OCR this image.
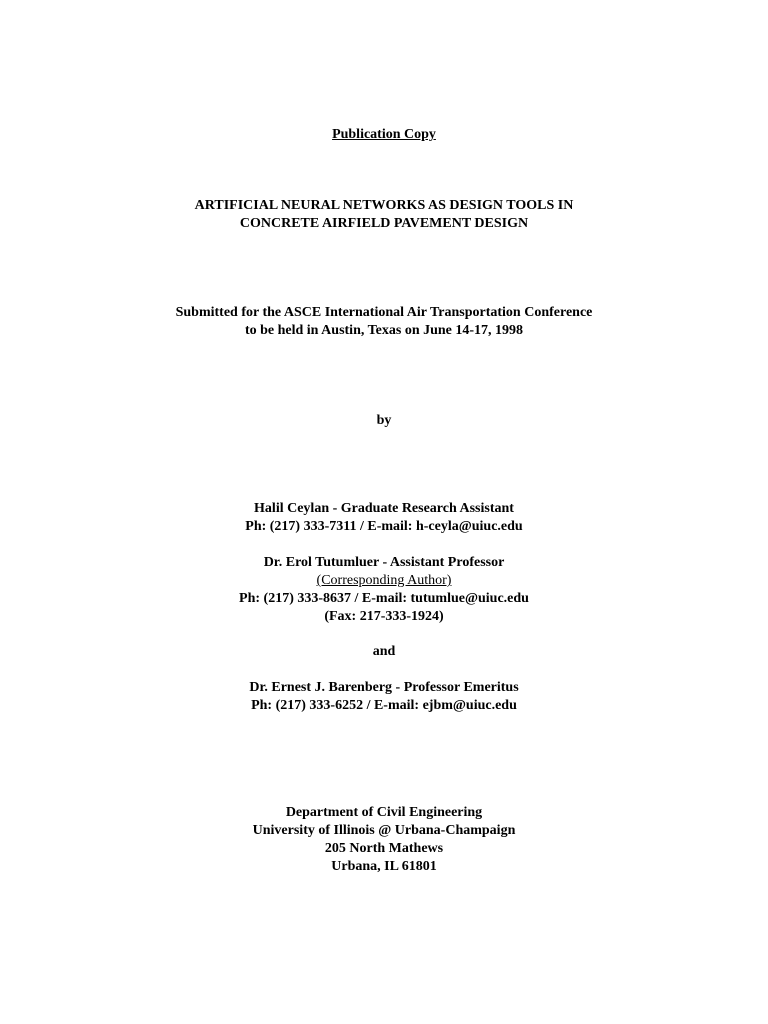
Publication Copy
ARTIFICIAL NEURAL NETWORKS AS DESIGN TOOLS IN
CONCRETE AIRFIELD PAVEMENT DESIGN
Submitted for the ASCE International Air Transportation Conference
to be held in Austin, Texas on June 14-17, 1998
by
Halil Ceylan - Graduate Research Assistant
Ph: (217) 333-7311 / E-mail: h-ceyla@uiuc.edu
Dr. Erol Tutumluer - Assistant Professor
(Corresponding Author)
Ph: (217) 333-8637 / E-mail: tutumlue@uiuc.edu
(Fax: 217-333-1924)
and
Dr. Ernest J. Barenberg - Professor Emeritus
Ph: (217) 333-6252 / E-mail: ejbm@uiuc.edu
Department of Civil Engineering
University of Illinois @ Urbana-Champaign
205 North Mathews
Urbana, IL 61801
